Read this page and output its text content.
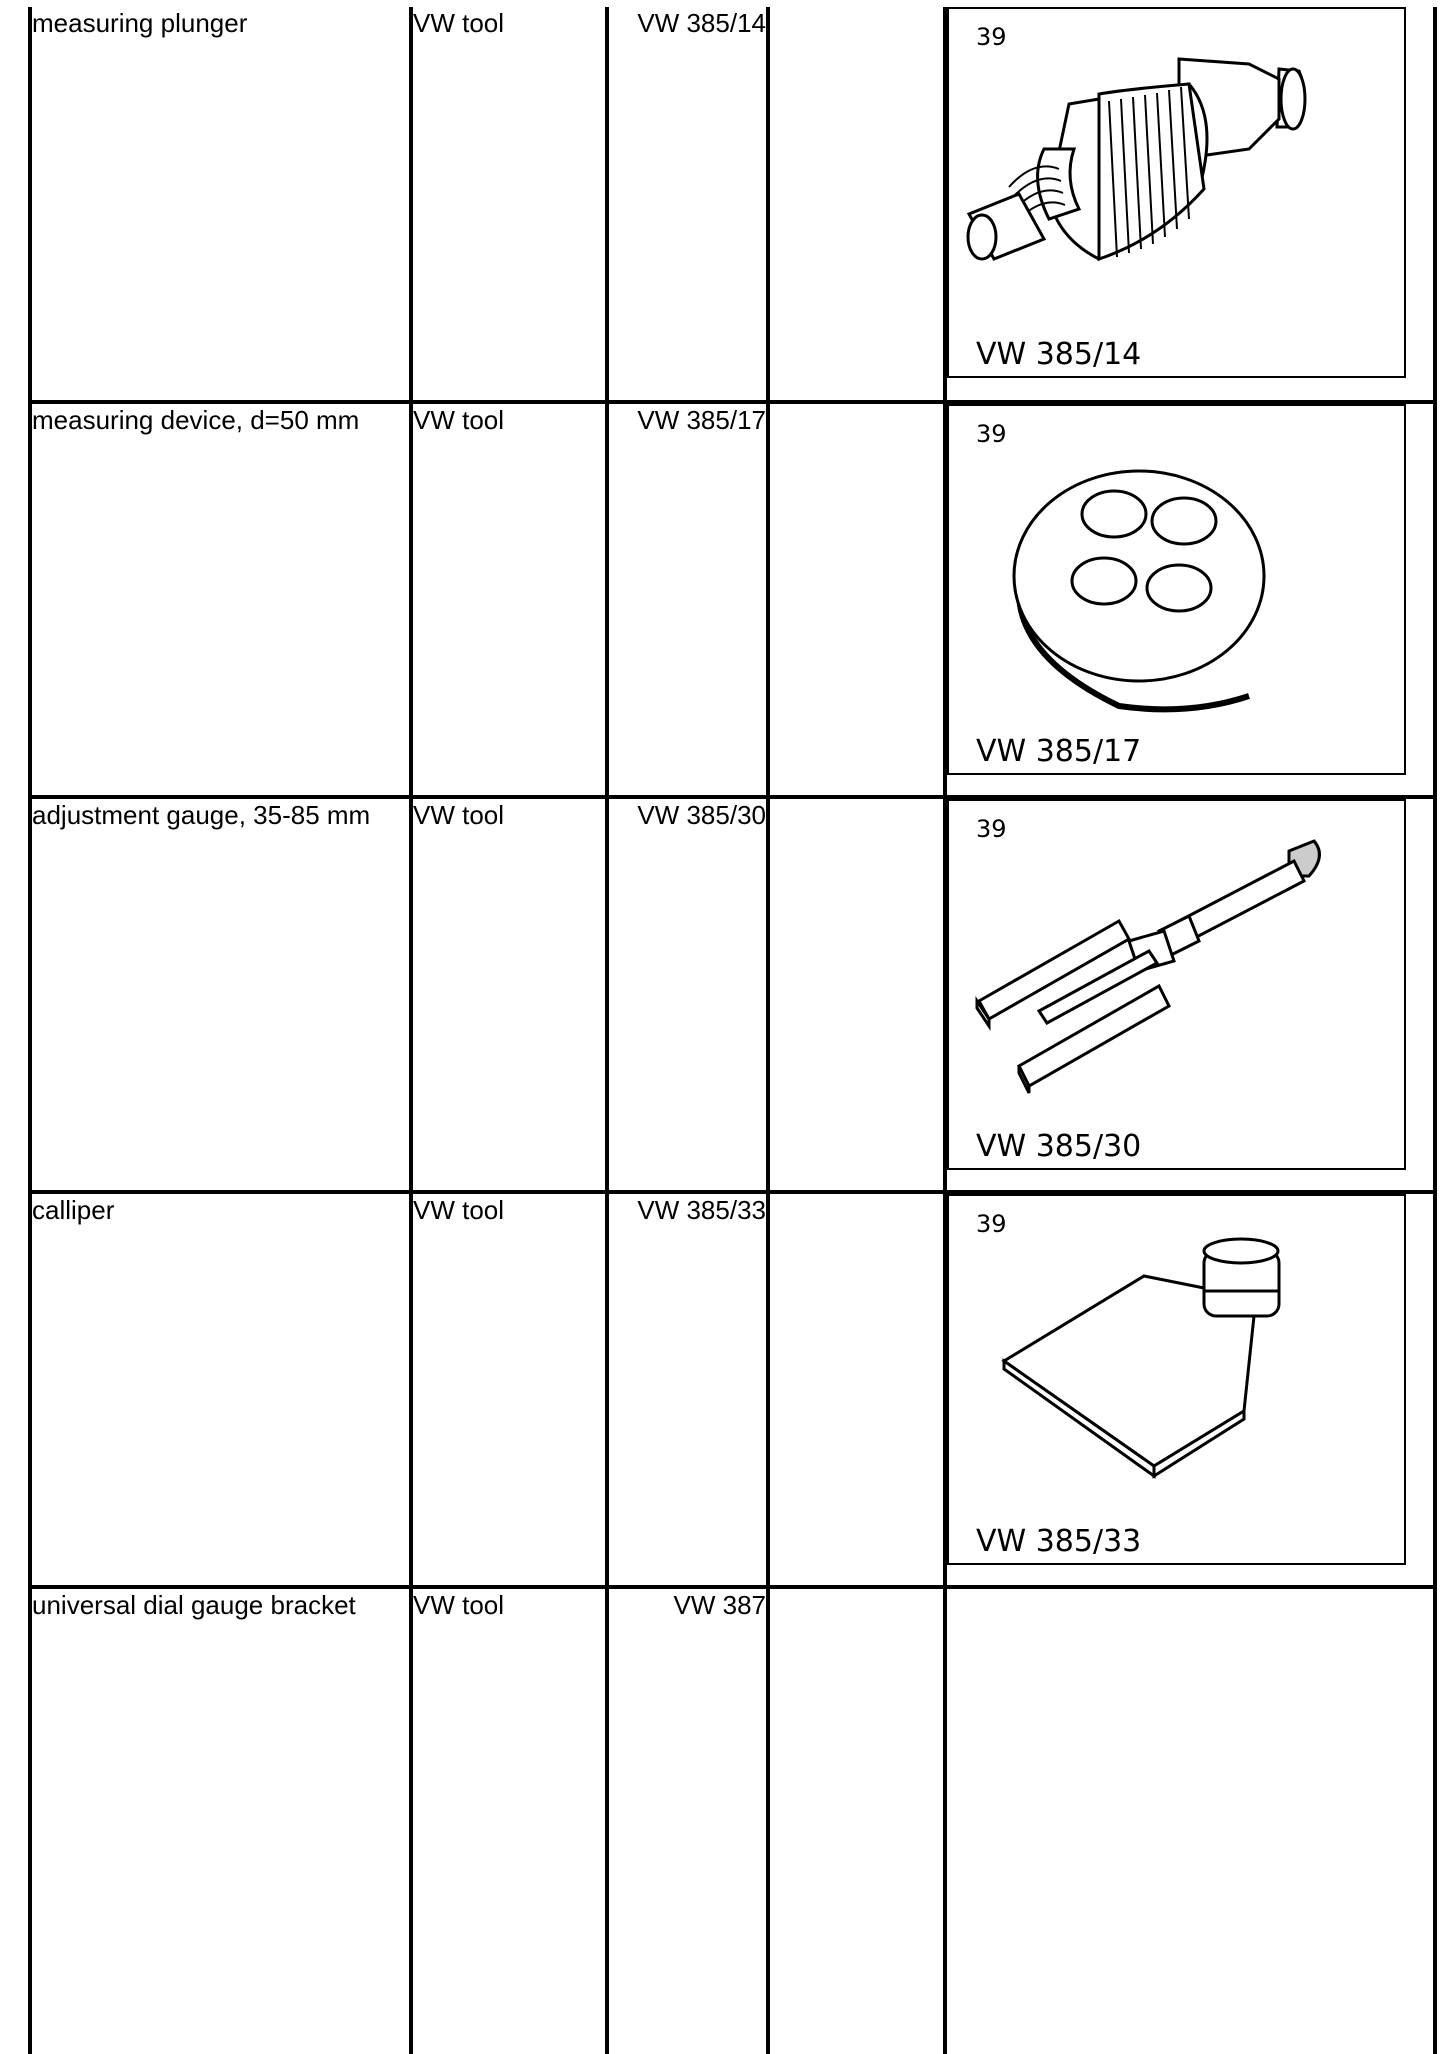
measuring plunger	VW tool	VW 385/14		39
VW 385/14

measuring device, d=50 mm	VW tool	VW 385/17		39
VW 385/17

adjustment gauge, 35-85 mm	VW tool	VW 385/30		39
VW 385/30

calliper	VW tool	VW 385/33		39
VW 385/33

universal dial gauge bracket	VW tool	VW 387		
